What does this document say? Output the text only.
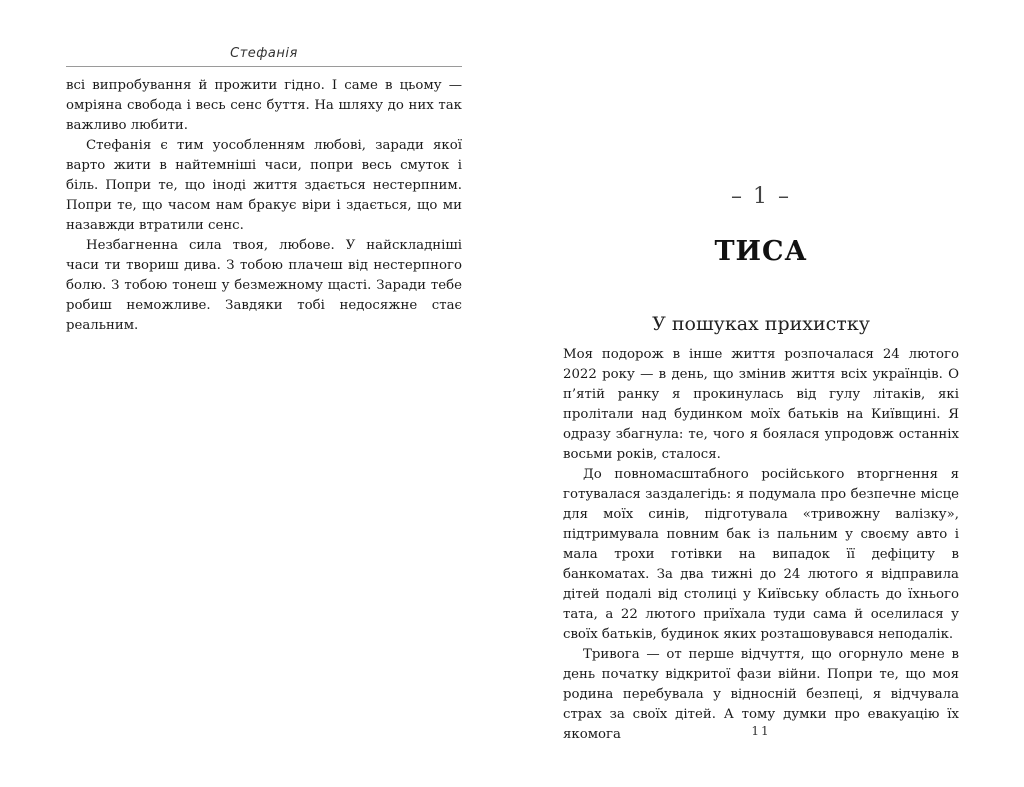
Стефанія

всі випробування й прожити гідно. І саме в цьому — омріяна свобода і весь сенс буття. На шляху до них так важливо любити.

Стефанія є тим уособленням любові, заради якої варто жити в найтемніші часи, попри весь смуток і біль. Попри те, що іноді життя здається нестерпним. Попри те, що часом нам бракує віри і здається, що ми назавжди втратили сенс.

Незбагненна сила твоя, любове. У найскладніші часи ти твориш дива. З тобою плачеш від нестерпного болю. З тобою тонеш у безмежному щасті. Заради тебе робиш неможливе. Завдяки тобі недосяжне стає реальним.

– 1 –
ТИСА
У пошуках прихистку

Моя подорож в інше життя розпочалася 24 лютого 2022 року — в день, що змінив життя всіх українців. О п’ятій ранку я прокинулась від гулу літаків, які пролітали над будинком моїх батьків на Київщині. Я одразу збагнула: те, чого я боялася упродовж останніх восьми років, сталося.

До повномасштабного російського вторгнення я готувалася заздалегідь: я подумала про безпечне місце для моїх синів, підготувала «тривожну валізку», підтримувала повним бак із пальним у своєму авто і мала трохи готівки на випадок її дефіциту в банкоматах. За два тижні до 24 лютого я відправила дітей подалі від столиці у Київську область до їхнього тата, а 22 лютого приїхала туди сама й оселилася у своїх батьків, будинок яких розташовувався неподалік.

Тривога — от перше відчуття, що огорнуло мене в день початку відкритої фази війни. Попри те, що моя родина перебувала у відносній безпеці, я відчувала страх за своїх дітей. А тому думки про евакуацію їх якомога	11
